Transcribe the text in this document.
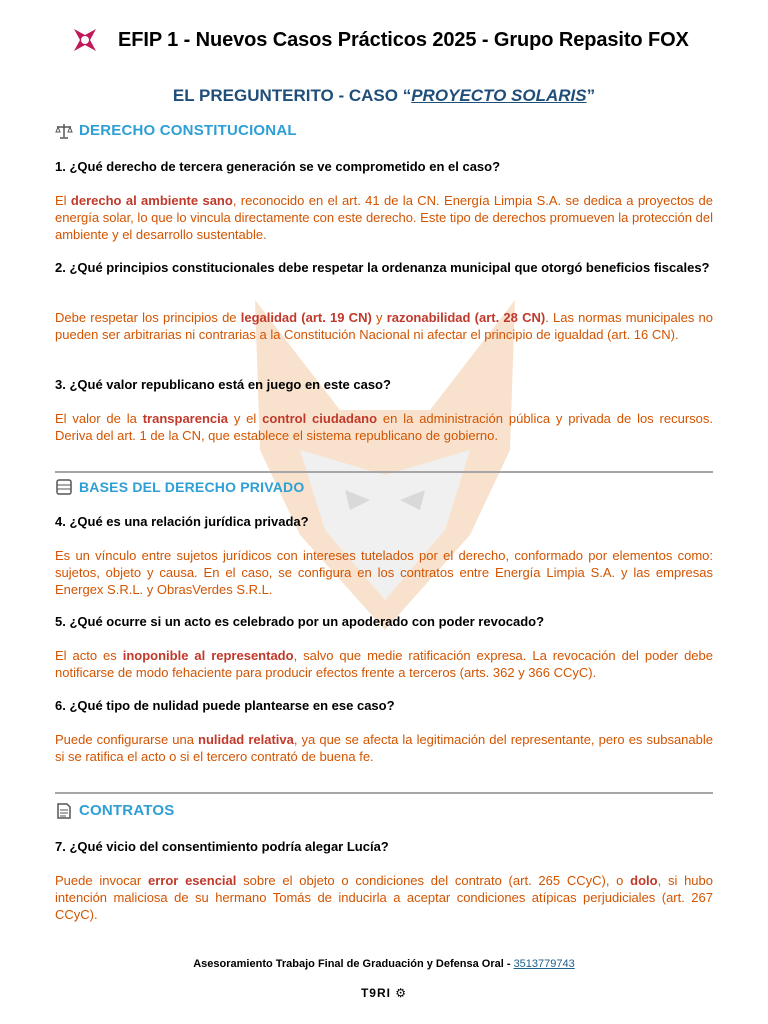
EFIP 1 - Nuevos Casos Prácticos 2025 - Grupo Repasito FOX
EL PREGUNTERITO - CASO “PROYECTO SOLARIS”
DERECHO CONSTITUCIONAL
1. ¿Qué derecho de tercera generación se ve comprometido en el caso?
El derecho al ambiente sano, reconocido en el art. 41 de la CN. Energía Limpia S.A. se dedica a proyectos de energía solar, lo que lo vincula directamente con este derecho. Este tipo de derechos promueven la protección del ambiente y el desarrollo sustentable.
2. ¿Qué principios constitucionales debe respetar la ordenanza municipal que otorgó beneficios fiscales?
Debe respetar los principios de legalidad (art. 19 CN) y razonabilidad (art. 28 CN). Las normas municipales no pueden ser arbitrarias ni contrarias a la Constitución Nacional ni afectar el principio de igualdad (art. 16 CN).
3. ¿Qué valor republicano está en juego en este caso?
El valor de la transparencia y el control ciudadano en la administración pública y privada de los recursos. Deriva del art. 1 de la CN, que establece el sistema republicano de gobierno.
BASES DEL DERECHO PRIVADO
4. ¿Qué es una relación jurídica privada?
Es un vínculo entre sujetos jurídicos con intereses tutelados por el derecho, conformado por elementos como: sujetos, objeto y causa. En el caso, se configura en los contratos entre Energía Limpia S.A. y las empresas Energex S.R.L. y ObrasVerdes S.R.L.
5. ¿Qué ocurre si un acto es celebrado por un apoderado con poder revocado?
El acto es inoponible al representado, salvo que medie ratificación expresa. La revocación del poder debe notificarse de modo fehaciente para producir efectos frente a terceros (arts. 362 y 366 CCyC).
6. ¿Qué tipo de nulidad puede plantearse en ese caso?
Puede configurarse una nulidad relativa, ya que se afecta la legitimación del representante, pero es subsanable si se ratifica el acto o si el tercero contrató de buena fe.
CONTRATOS
7. ¿Qué vicio del consentimiento podría alegar Lucía?
Puede invocar error esencial sobre el objeto o condiciones del contrato (art. 265 CCyC), o dolo, si hubo intención maliciosa de su hermano Tomás de inducirla a aceptar condiciones atípicas perjudiciales (art. 267 CCyC).
Asesoramiento Trabajo Final de Graduación y Defensa Oral - 3513779743
T9RI ⚙
